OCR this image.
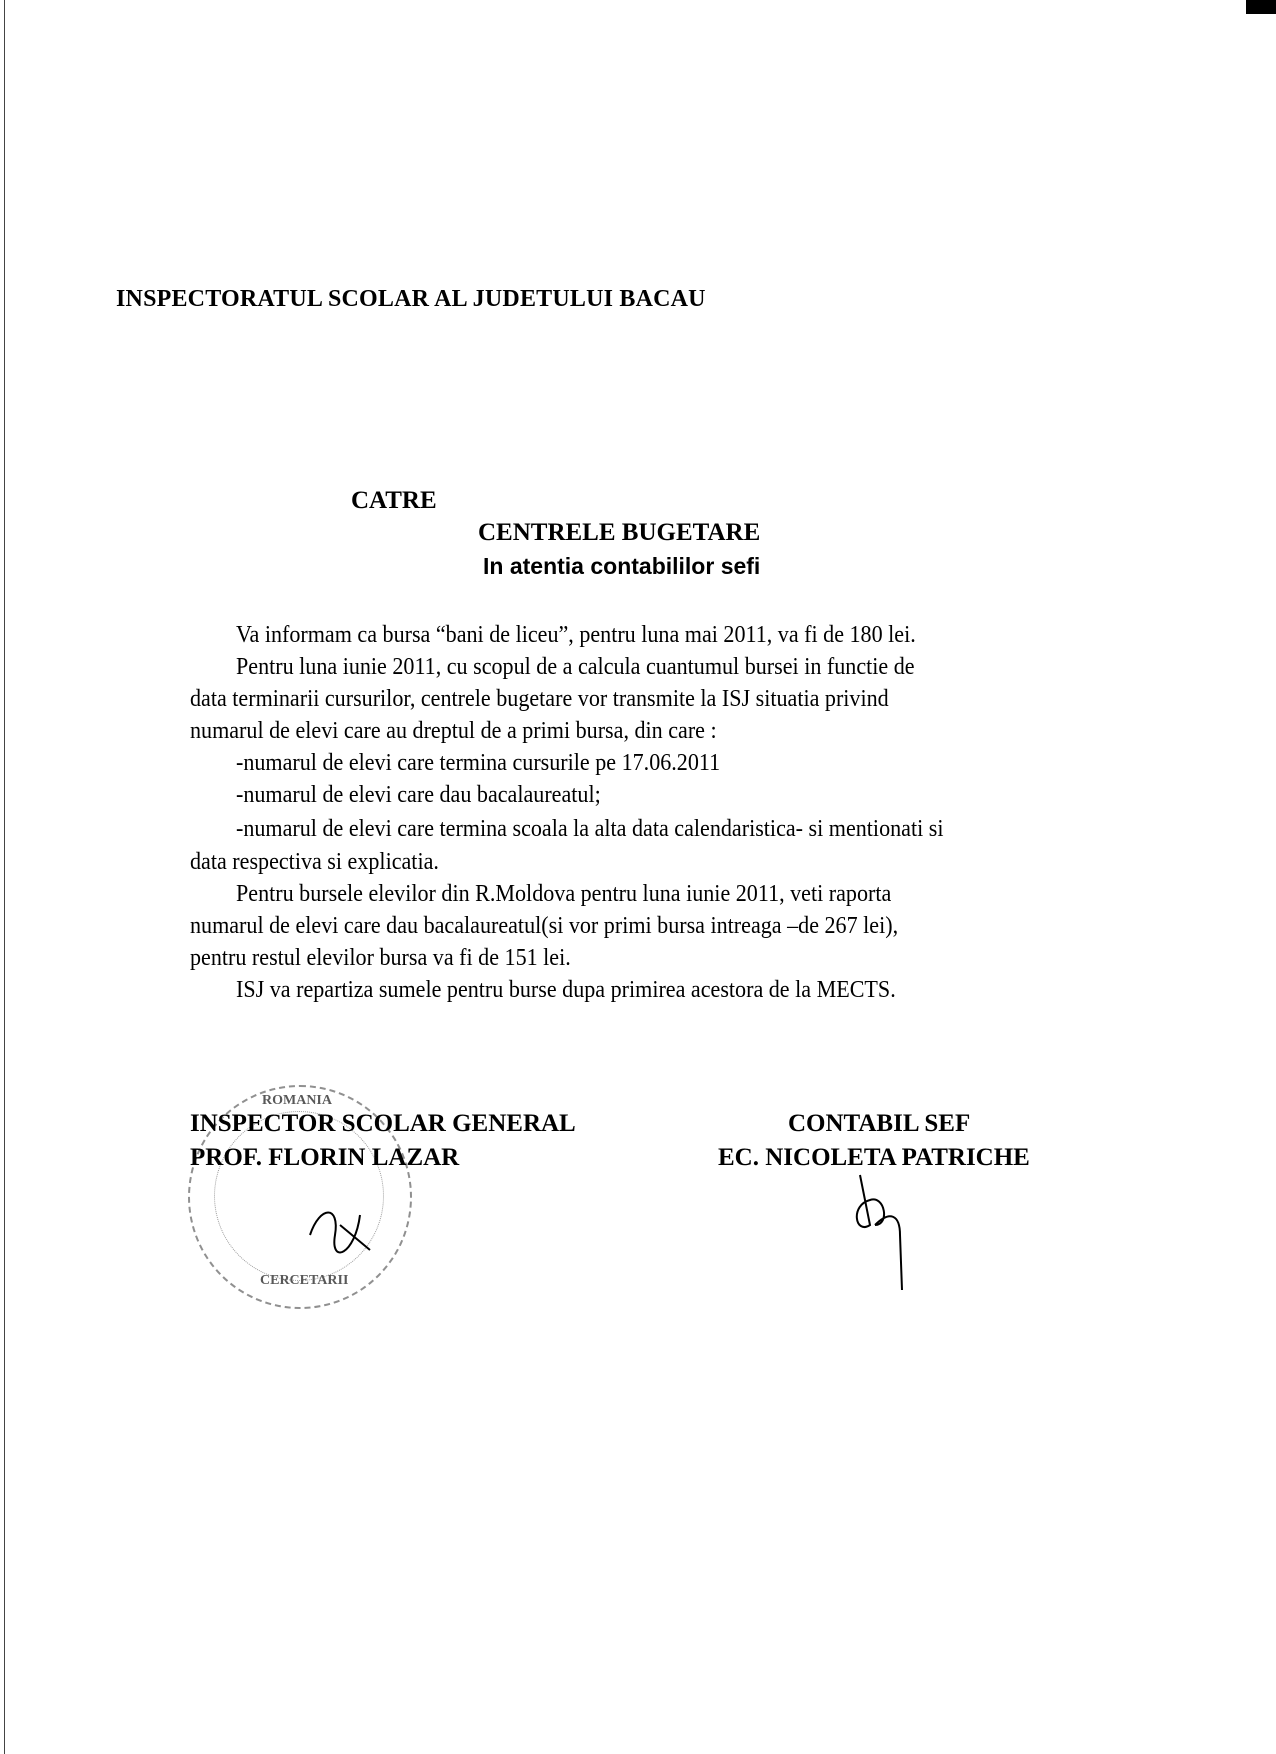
INSPECTORATUL SCOLAR AL JUDETULUI BACAU
CATRE
CENTRELE BUGETARE
In atentia contabililor sefi
Va informam ca bursa “bani de liceu”, pentru luna mai 2011, va fi de 180 lei.
Pentru luna iunie 2011, cu scopul de a calcula cuantumul bursei in functie de
data terminarii cursurilor, centrele bugetare vor transmite la ISJ situatia privind
numarul de elevi care au dreptul de a primi bursa, din care :
-numarul de elevi care termina cursurile pe 17.06.2011
-numarul de elevi care dau bacalaureatul;
-numarul de elevi care termina scoala la alta data calendaristica- si mentionati si
data respectiva si explicatia.
Pentru bursele elevilor din R.Moldova pentru luna iunie 2011, veti raporta
numarul de elevi care dau bacalaureatul(si vor primi bursa intreaga –de 267 lei),
pentru restul elevilor bursa va fi de 151 lei.
ISJ va repartiza sumele pentru burse dupa primirea acestora de la MECTS.
ROMANIA
CERCETARII
INSPECTOR SCOLAR GENERAL
PROF. FLORIN LAZAR
CONTABIL SEF
EC. NICOLETA PATRICHE
